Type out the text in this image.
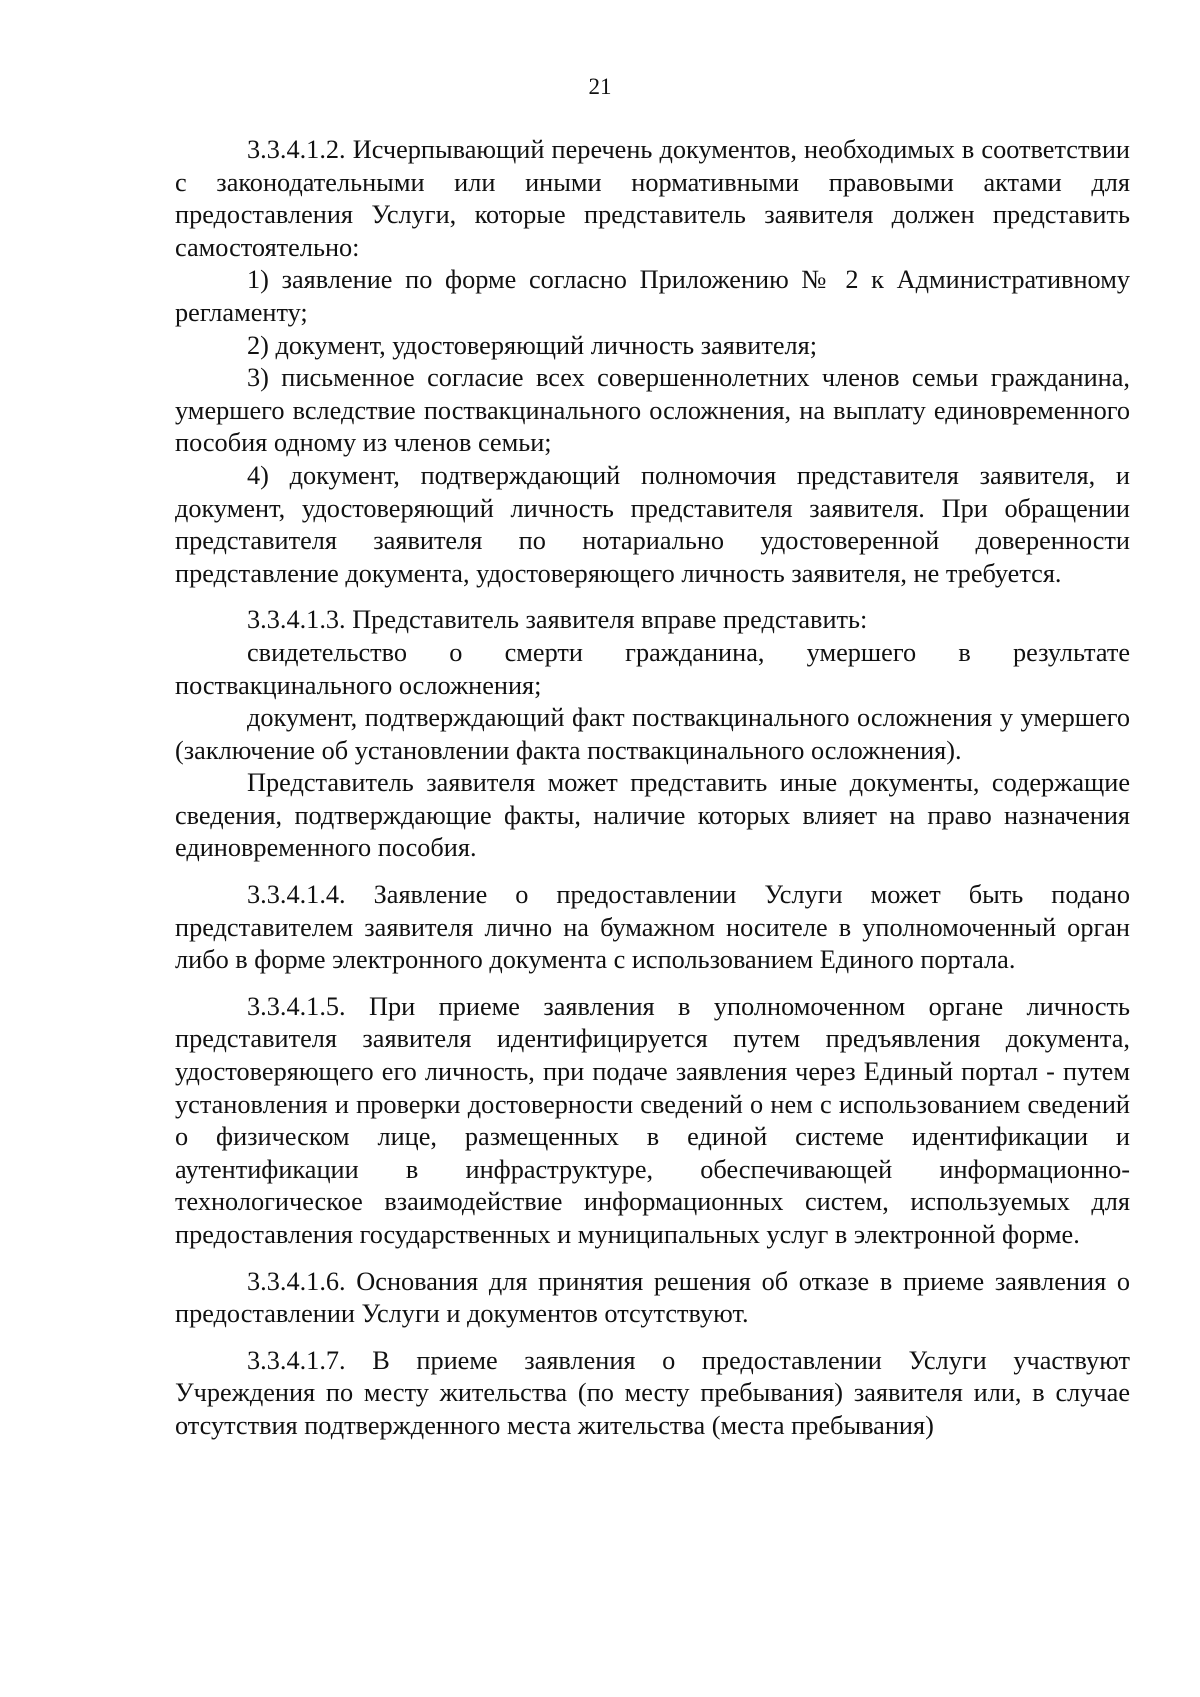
21

3.3.4.1.2. Исчерпывающий перечень документов, необходимых в соответствии с законодательными или иными нормативными правовыми актами для предоставления Услуги, которые представитель заявителя должен представить самостоятельно:

1) заявление по форме согласно Приложению № 2 к Административному регламенту;

2) документ, удостоверяющий личность заявителя;

3) письменное согласие всех совершеннолетних членов семьи гражданина, умершего вследствие поствакцинального осложнения, на выплату единовременного пособия одному из членов семьи;

4) документ, подтверждающий полномочия представителя заявителя, и документ, удостоверяющий личность представителя заявителя. При обращении представителя заявителя по нотариально удостоверенной доверенности представление документа, удостоверяющего личность заявителя, не требуется.

3.3.4.1.3. Представитель заявителя вправе представить:

свидетельство о смерти гражданина, умершего в результате поствакцинального осложнения;

документ, подтверждающий факт поствакцинального осложнения у умершего (заключение об установлении факта поствакцинального осложнения).

Представитель заявителя может представить иные документы, содержащие сведения, подтверждающие факты, наличие которых влияет на право назначения единовременного пособия.

3.3.4.1.4. Заявление о предоставлении Услуги может быть подано представителем заявителя лично на бумажном носителе в уполномоченный орган либо в форме электронного документа с использованием Единого портала.

3.3.4.1.5. При приеме заявления в уполномоченном органе личность представителя заявителя идентифицируется путем предъявления документа, удостоверяющего его личность, при подаче заявления через Единый портал - путем установления и проверки достоверности сведений о нем с использованием сведений о физическом лице, размещенных в единой системе идентификации и аутентификации в инфраструктуре, обеспечивающей информационно-технологическое взаимодействие информационных систем, используемых для предоставления государственных и муниципальных услуг в электронной форме.

3.3.4.1.6. Основания для принятия решения об отказе в приеме заявления о предоставлении Услуги и документов отсутствуют.

3.3.4.1.7. В приеме заявления о предоставлении Услуги участвуют Учреждения по месту жительства (по месту пребывания) заявителя или, в случае отсутствия подтвержденного места жительства (места пребывания)
